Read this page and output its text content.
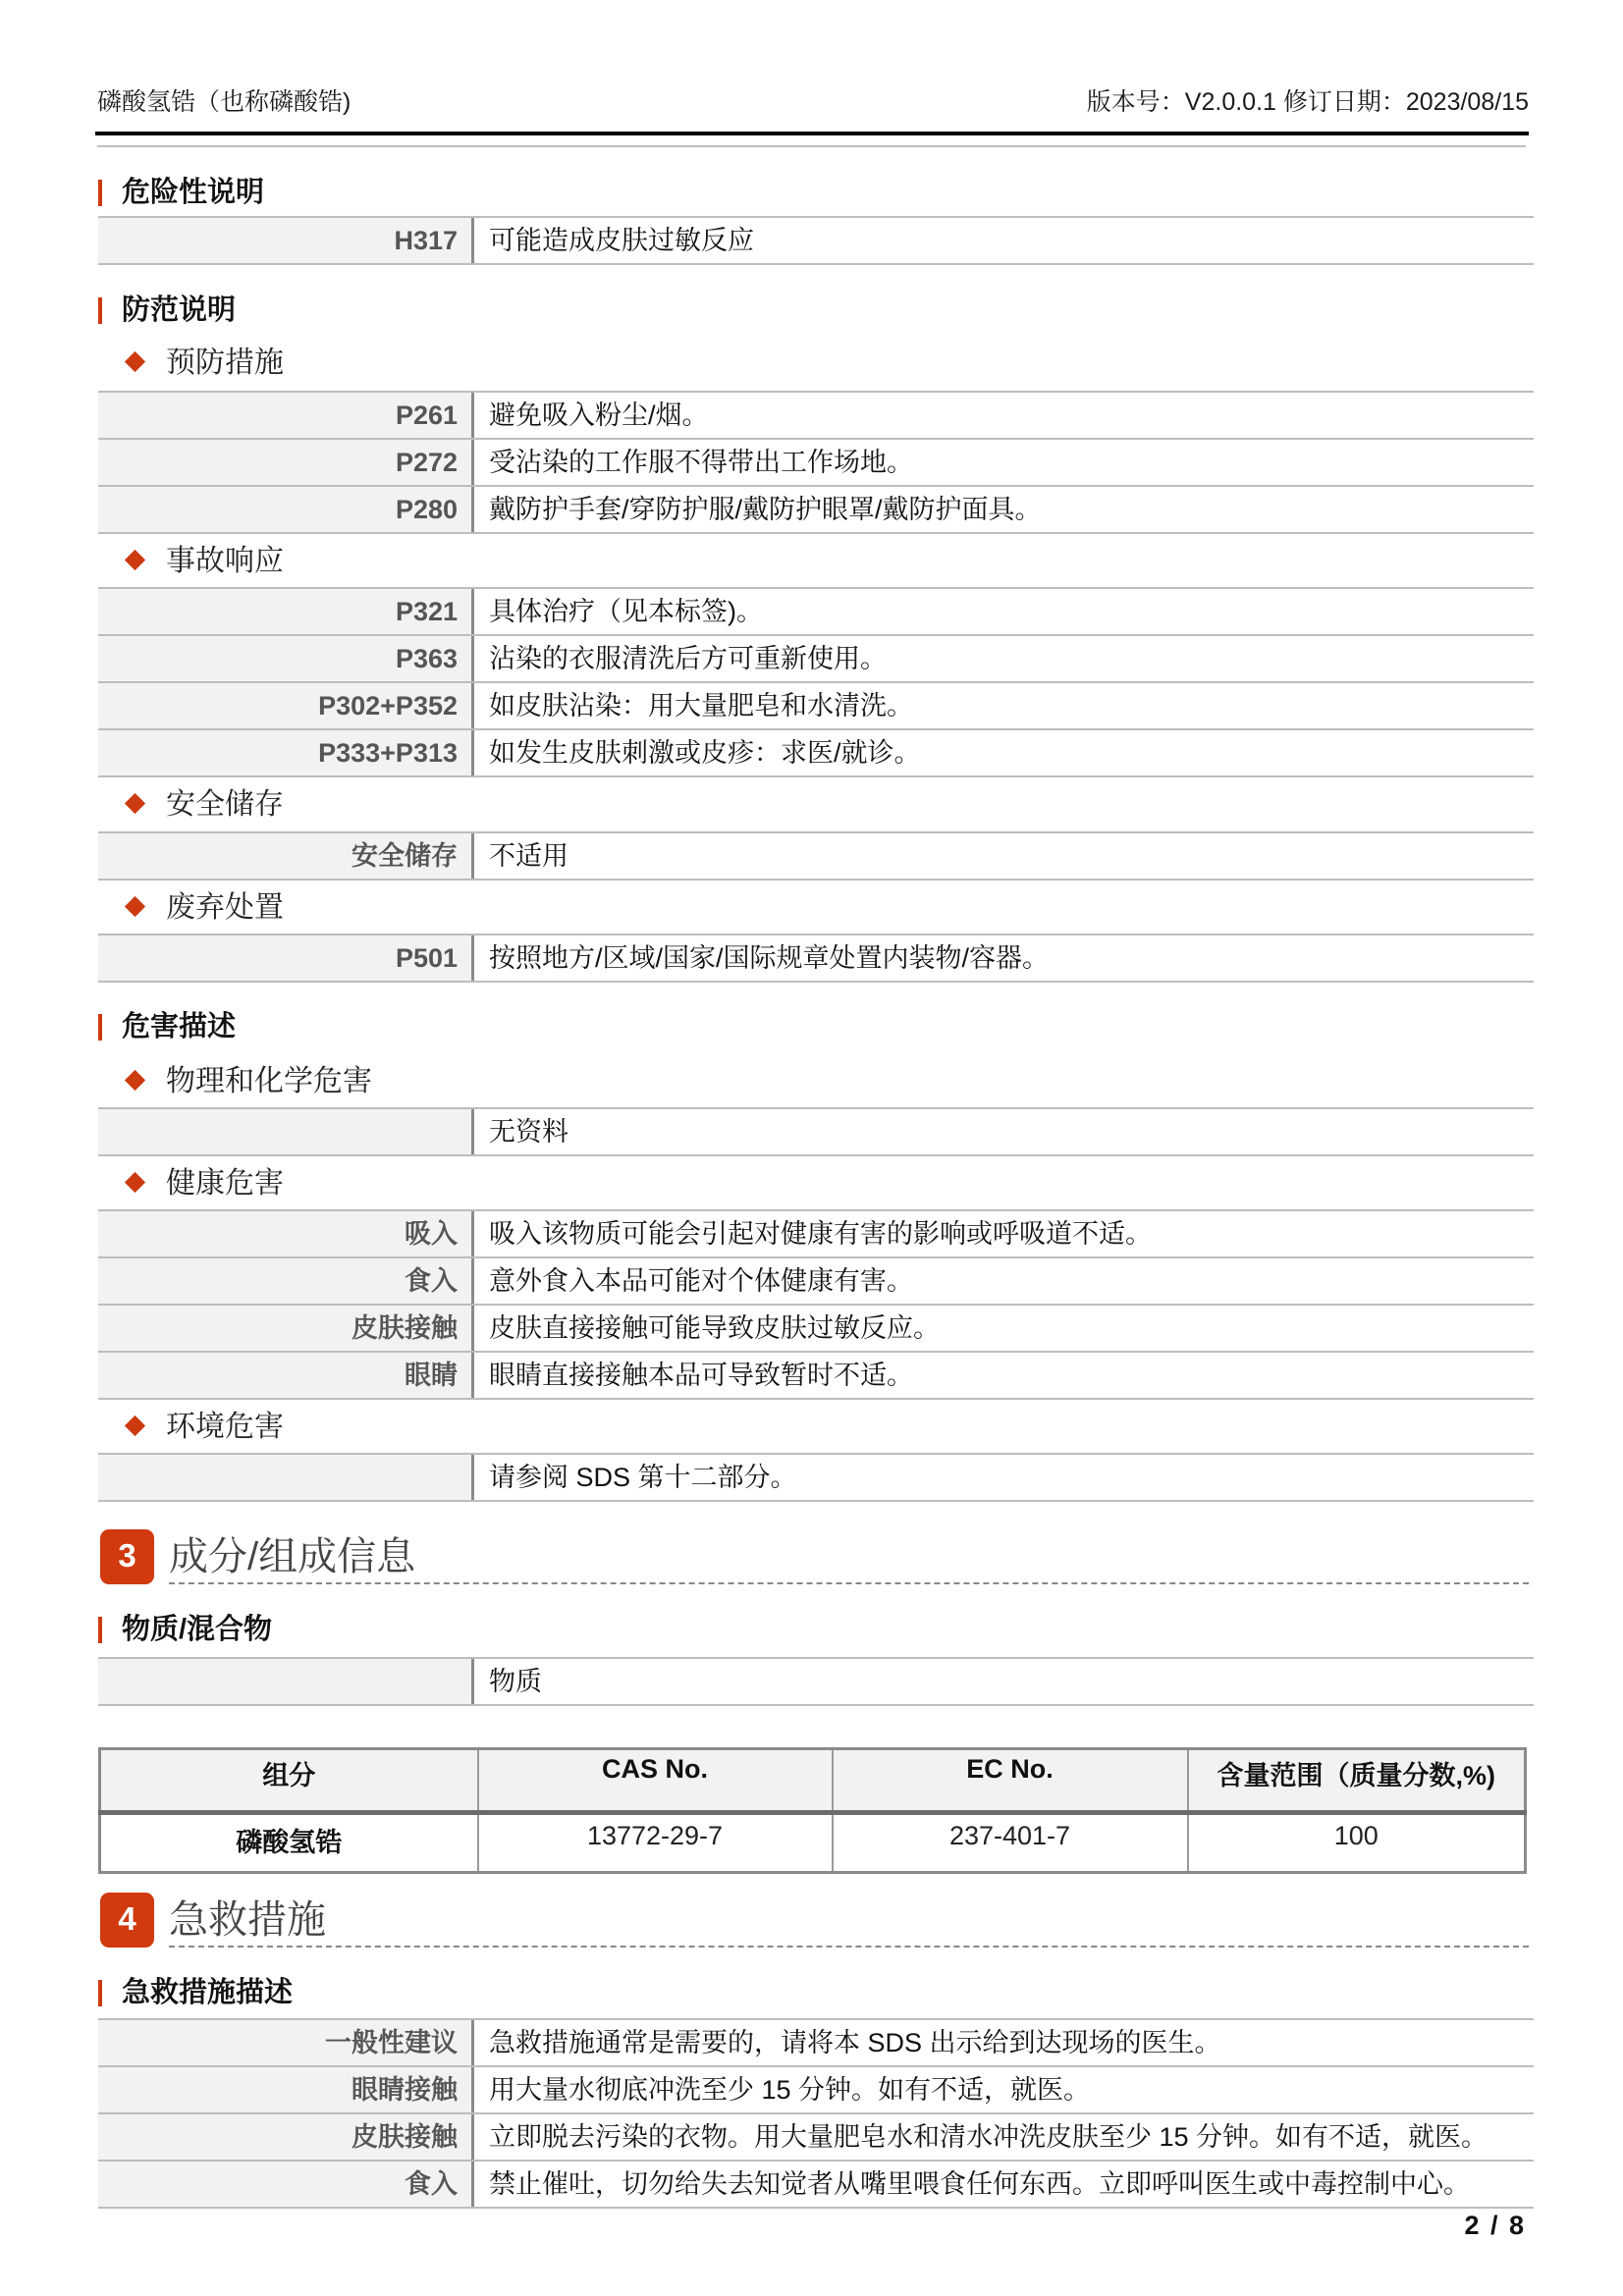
磷酸氢锆（也称磷酸锆)	版本号：V2.0.0.1 修订日期：2023/08/15
危险性说明
H317	可能造成皮肤过敏反应
防范说明
预防措施
P261	避免吸入粉尘/烟。
P272	受沾染的工作服不得带出工作场地。
P280	戴防护手套/穿防护服/戴防护眼罩/戴防护面具。
事故响应
P321	具体治疗（见本标签)。
P363	沾染的衣服清洗后方可重新使用。
P302+P352	如皮肤沾染：用大量肥皂和水清洗。
P333+P313	如发生皮肤刺激或皮疹：求医/就诊。
安全储存
安全储存	不适用
废弃处置
P501	按照地方/区域/国家/国际规章处置内装物/容器。
危害描述
物理和化学危害
无资料
健康危害
吸入	吸入该物质可能会引起对健康有害的影响或呼吸道不适。
食入	意外食入本品可能对个体健康有害。
皮肤接触	皮肤直接接触可能导致皮肤过敏反应。
眼睛	眼睛直接接触本品可导致暂时不适。
环境危害
请参阅 SDS 第十二部分。
3 成分/组成信息
物质/混合物
物质
组分	CAS No.	EC No.	含量范围（质量分数,%)
磷酸氢锆	13772-29-7	237-401-7	100
4 急救措施
急救措施描述
一般性建议	急救措施通常是需要的，请将本 SDS 出示给到达现场的医生。
眼睛接触	用大量水彻底冲洗至少 15 分钟。如有不适，就医。
皮肤接触	立即脱去污染的衣物。用大量肥皂水和清水冲洗皮肤至少 15 分钟。如有不适，就医。
食入	禁止催吐，切勿给失去知觉者从嘴里喂食任何东西。立即呼叫医生或中毒控制中心。
2 / 8
